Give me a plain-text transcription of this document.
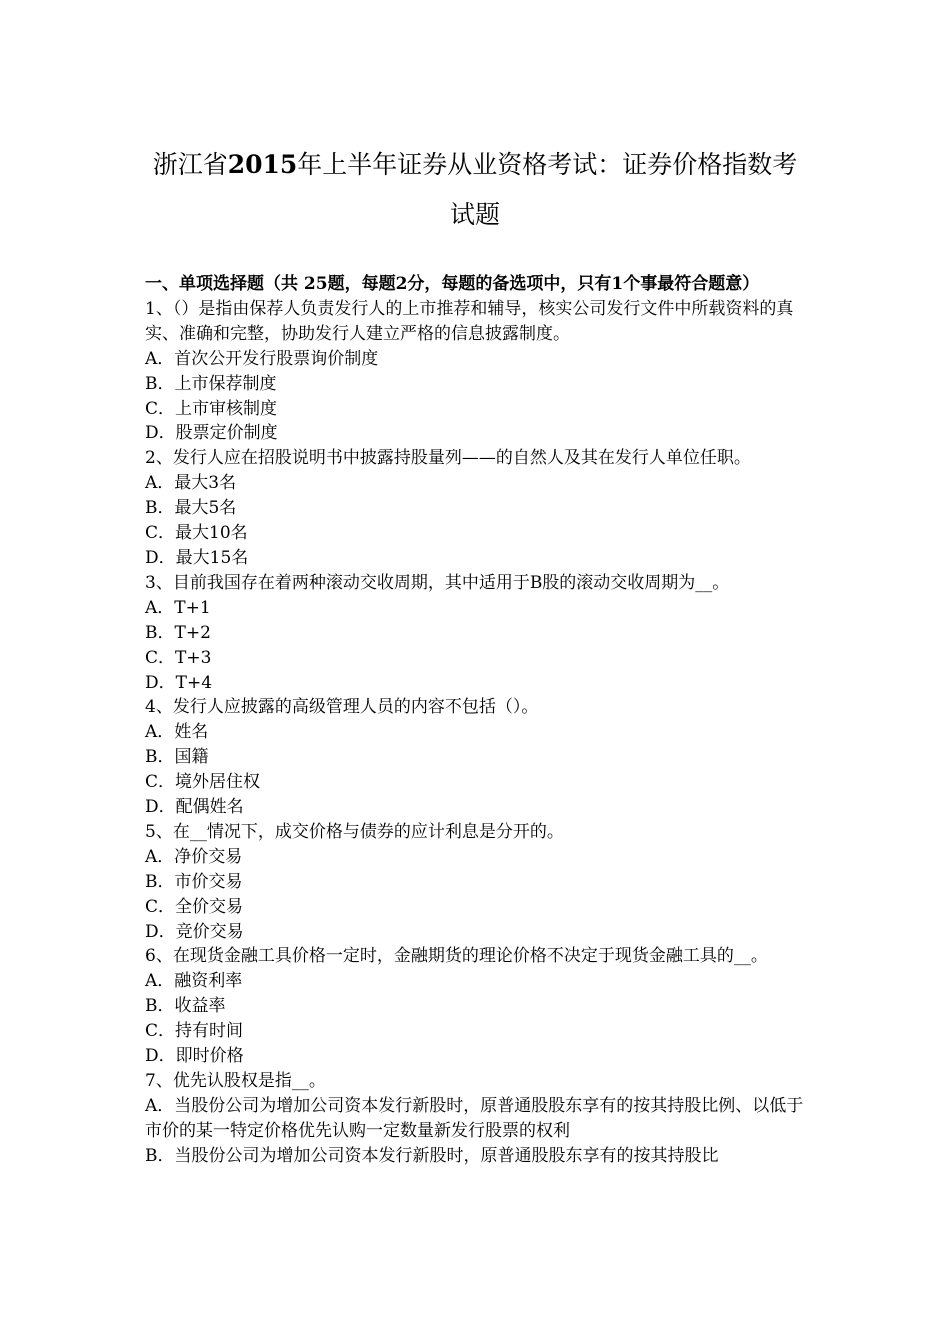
浙江省2015年上半年证券从业资格考试：证券价格指数考
试题
一、单项选择题（共 25题，每题2分，每题的备选项中，只有1个事最符合题意）
1、（）是指由保荐人负责发行人的上市推荐和辅导，核实公司发行文件中所载资料的真实、准确和完整，协助发行人建立严格的信息披露制度。
A．首次公开发行股票询价制度
B．上市保荐制度
C．上市审核制度
D．股票定价制度
2、发行人应在招股说明书中披露持股量列——的自然人及其在发行人单位任职。
A．最大3名
B．最大5名
C．最大10名
D．最大15名
3、目前我国存在着两种滚动交收周期，其中适用于B股的滚动交收周期为__。
A．T+1
B．T+2
C．T+3
D．T+4
4、发行人应披露的高级管理人员的内容不包括（）。
A．姓名
B．国籍
C．境外居住权
D．配偶姓名
5、在__情况下，成交价格与债券的应计利息是分开的。
A．净价交易
B．市价交易
C．全价交易
D．竞价交易
6、在现货金融工具价格一定时，金融期货的理论价格不决定于现货金融工具的__。
A．融资利率
B．收益率
C．持有时间
D．即时价格
7、优先认股权是指__。
A．当股份公司为增加公司资本发行新股时，原普通股股东享有的按其持股比例、以低于市价的某一特定价格优先认购一定数量新发行股票的权利
B．当股份公司为增加公司资本发行新股时，原普通股股东享有的按其持股比
